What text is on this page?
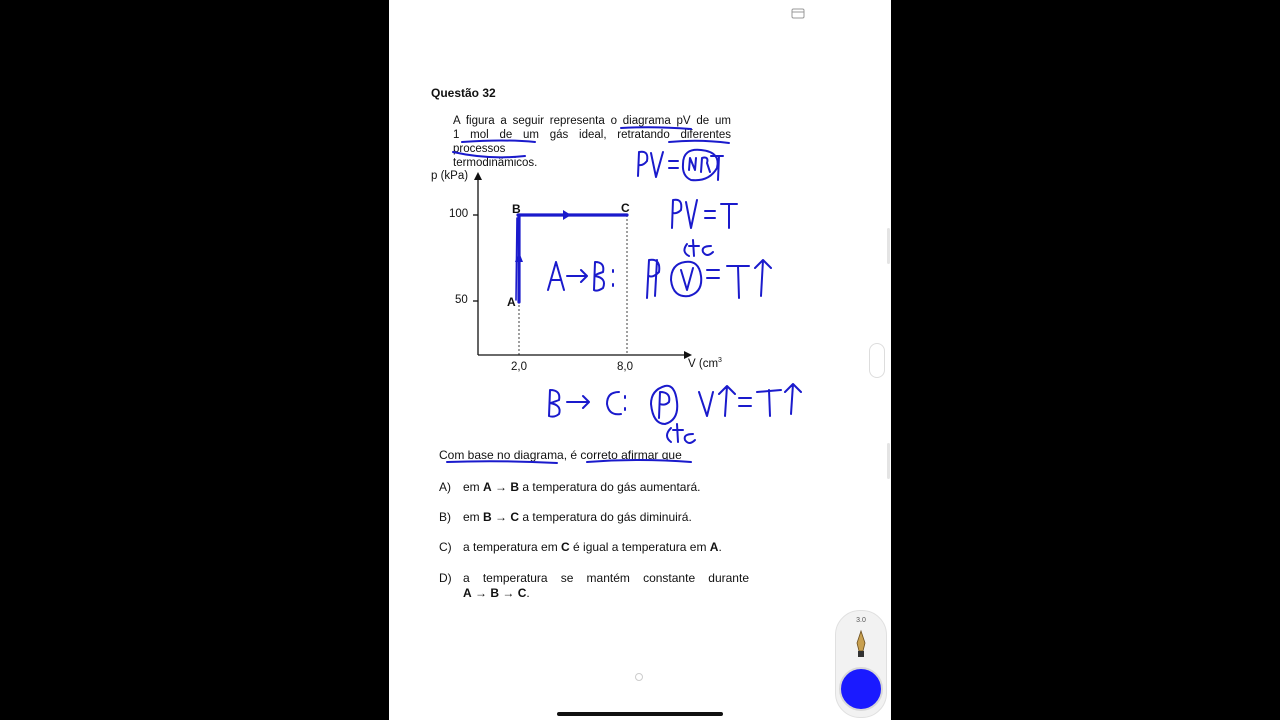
Questão 32
A figura a seguir representa o diagrama pV de um
1 mol de um gás ideal, retratando diferentes processos
termodinâmicos.
p (kPa)
100
50
2,0	8,0	V ($cm^3$
A
B	C
Com base no diagrama, é correto afirmar que
A) em A → B a temperatura do gás aumentará.
B) em B → C a temperatura do gás diminuirá.
C) a temperatura em C é igual a temperatura em A.
D) a temperatura se mantém constante durante
A → B → C.
3.0
